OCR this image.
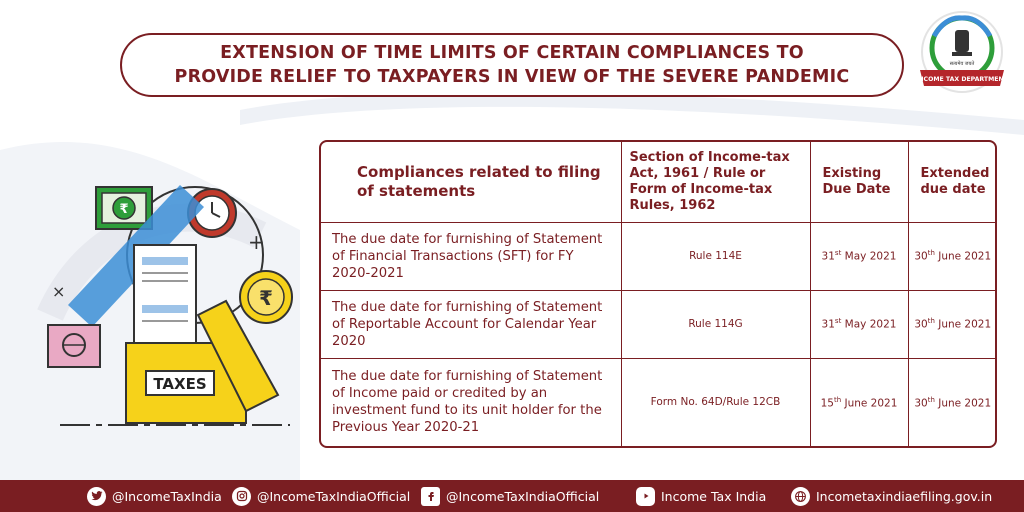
EXTENSION OF TIME LIMITS OF CERTAIN COMPLIANCES TO
PROVIDE RELIEF TO TAXPAYERS IN VIEW OF THE SEVERE PANDEMIC
सत्यमेव जयते
INCOME TAX DEPARTMENT
₹
₹
TAXES
×
+
Compliances related to filing of statements	Section of Income-tax Act, 1961 / Rule or Form of Income-tax Rules, 1962	Existing Due Date	Extended due date
The due date for furnishing of Statement of Financial Transactions (SFT) for FY 2020-2021	Rule 114E	31st May 2021	30th June 2021
The due date for furnishing of Statement of Reportable Account for Calendar Year 2020	Rule 114G	31st May 2021	30th June 2021
The due date for furnishing of Statement of Income paid or credited by an investment fund to its unit holder for the Previous Year 2020-21	Form No. 64D/Rule 12CB	15th June 2021	30th June 2021
@IncomeTaxIndia	@IncomeTaxIndiaOfficial	@IncomeTaxIndiaOfficial	Income Tax India	Incometaxindiaefiling.gov.in
